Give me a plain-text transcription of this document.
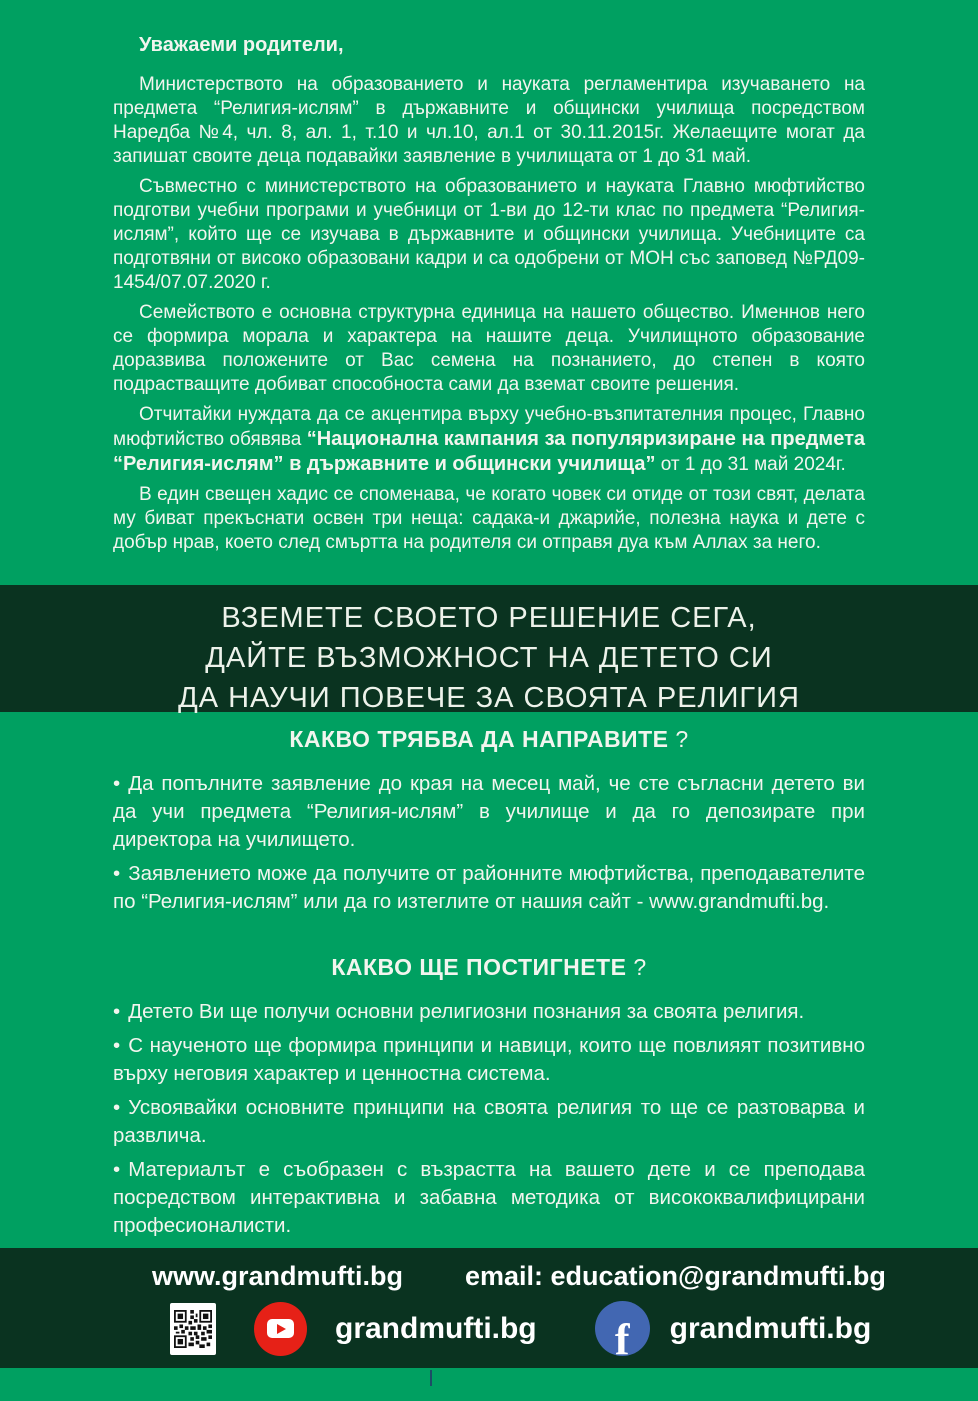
Уважаеми родители,

Министерството на образованието и науката регламентира изучаването на предмета “Религия-ислям” в държавните и общински училища посредством Наредба №4, чл. 8, ал. 1, т.10 и чл.10, ал.1 от 30.11.2015г. Желаещите могат да запишат своите деца подавайки заявление в училищата от 1 до 31 май.

Съвместно с министерството на образованието и науката Главно мюфтийство подготви учебни програми и учебници от 1-ви до 12-ти клас по предмета “Религия-ислям”, който ще се изучава в държавните и общински училища. Учебниците са подготвяни от високо образовани кадри и са одобрени от МОН със заповед №РД09-1454/07.07.2020 г.

Семейството е основна структурна единица на нашето общество. Именнов него се формира морала и характера на нашите деца. Училищното образование доразвива положените от Вас семена на познанието, до степен в която подрастващите добиват способноста сами да вземат своите решения.

Отчитайки нуждата да се акцентира върху учебно-възпитателния процес, Главно мюфтийство обявява “Национална кампания за популяризиране на предмета “Религия-ислям” в държавните и общински училища” от 1 до 31 май 2024г.

В един свещен хадис се споменава, че когато човек си отиде от този свят, делата му биват прекъснати освен три неща: садака-и джарийе, полезна наука и дете с добър нрав, което след смъртта на родителя си отправя дуа към Аллах за него.

ВЗЕМЕТЕ СВОЕТО РЕШЕНИЕ СЕГА,
ДАЙТЕ ВЪЗМОЖНОСТ НА ДЕТЕТО СИ
ДА НАУЧИ ПОВЕЧЕ ЗА СВОЯТА РЕЛИГИЯ
КАКВО ТРЯБВА ДА НАПРАВИТЕ ?
• Да попълните заявление до края на месец май, че сте съгласни детето ви да учи предмета “Религия-ислям” в училище и да го депозирате при директора на училището.
• Заявлението може да получите от районните мюфтийства, преподавателите по “Религия-ислям” или да го изтеглите от нашия сайт - www.grandmufti.bg.
КАКВО ЩЕ ПОСТИГНЕТЕ ?
• Детето Ви ще получи основни религиозни познания за своята религия.
• С наученото ще формира принципи и навици, които ще повлияят позитивно върху неговия характер и ценностна система.
• Усвоявайки основните принципи на своята религия то ще се разтоварва и развлича.
• Материалът е съобразен с възрастта на вашето дете и се преподава посредством интерактивна и забавна методика от висококвалифицирани професионалисти.
www.grandmufti.bg email: education@grandmufti.bg
grandmufti.bg f grandmufti.bg
